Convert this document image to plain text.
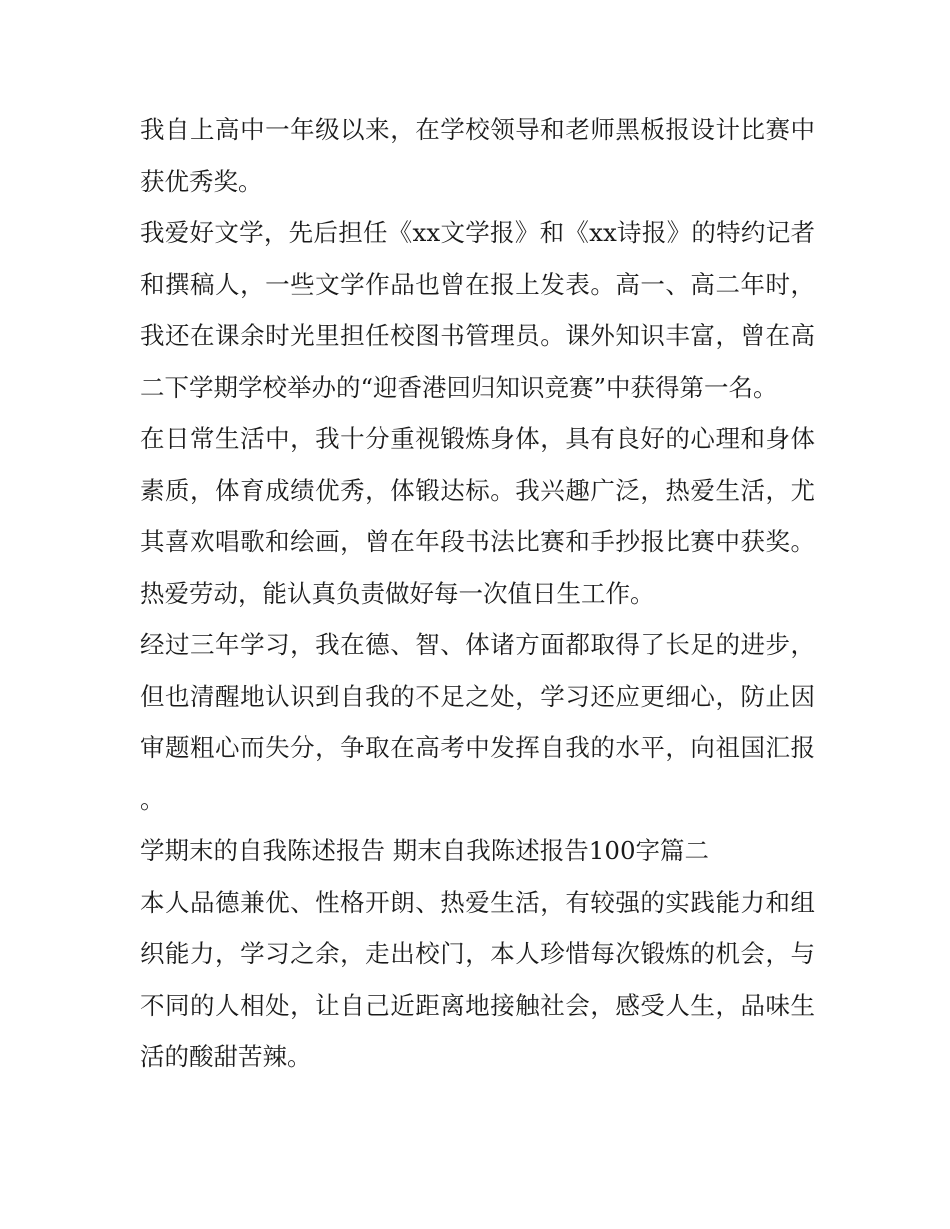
我自上高中一年级以来，在学校领导和老师黑板报设计比赛中获优秀奖。

我爱好文学，先后担任《xx文学报》和《xx诗报》的特约记者和撰稿人，一些文学作品也曾在报上发表。高一、高二年时，我还在课余时光里担任校图书管理员。课外知识丰富，曾在高二下学期学校举办的“迎香港回归知识竞赛”中获得第一名。

在日常生活中，我十分重视锻炼身体，具有良好的心理和身体素质，体育成绩优秀，体锻达标。我兴趣广泛，热爱生活，尤其喜欢唱歌和绘画，曾在年段书法比赛和手抄报比赛中获奖。热爱劳动，能认真负责做好每一次值日生工作。

经过三年学习，我在德、智、体诸方面都取得了长足的进步，但也清醒地认识到自我的不足之处，学习还应更细心，防止因审题粗心而失分，争取在高考中发挥自我的水平，向祖国汇报。

学期末的自我陈述报告 期末自我陈述报告100字篇二

本人品德兼优、性格开朗、热爱生活，有较强的实践能力和组织能力，学习之余，走出校门，本人珍惜每次锻炼的机会，与不同的人相处，让自己近距离地接触社会，感受人生，品味生活的酸甜苦辣。
